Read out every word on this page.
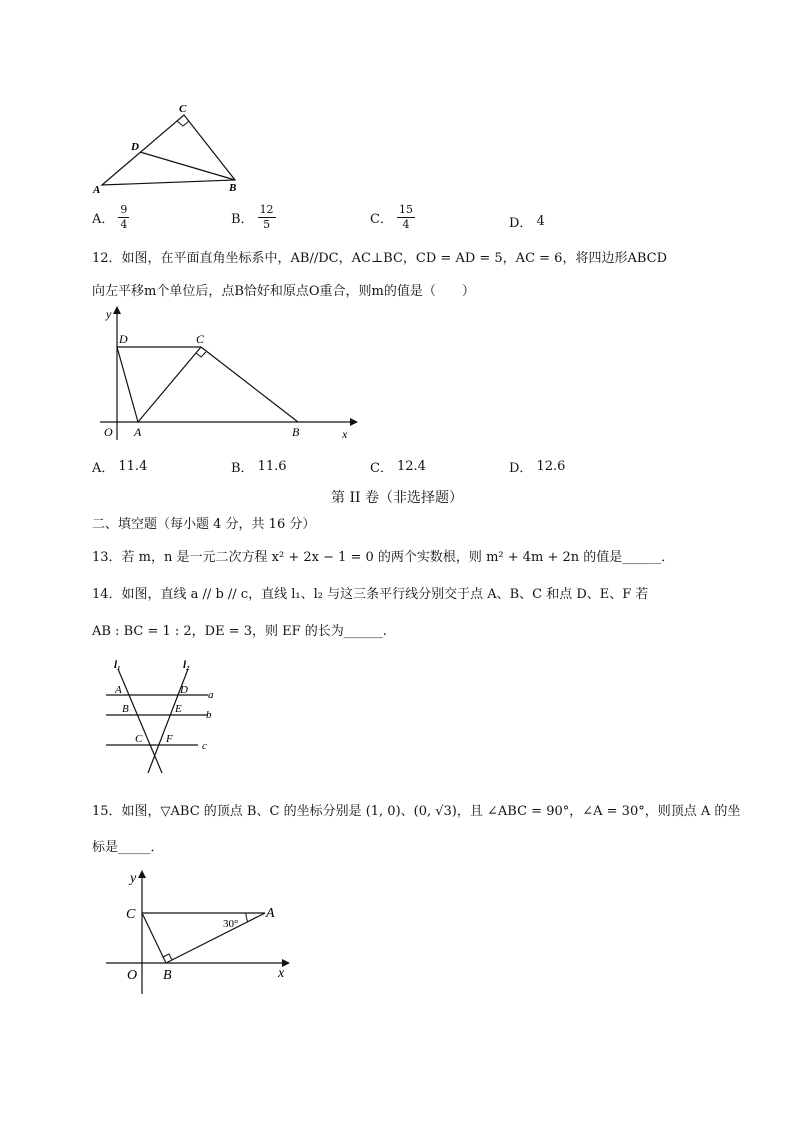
C
D
A	B
A． $\frac{9}{4}$	B． $\frac{12}{5}$	C． $\frac{15}{4}$	D． 4
12．如图，在平面直角坐标系中，AB//DC，AC⊥BC，CD = AD = 5，AC = 6，将四边形ABCD
向左平移m个单位后，点B恰好和原点O重合，则m的值是（　　）
y
D	C
O A	B	x
A． 11.4	B． 11.6	C． 12.4	D． 12.6
第 II 卷（非选择题）
二、填空题（每小题 4 分，共 16 分）
13．若 m，n 是一元二次方程 x² + 2x − 1 = 0 的两个实数根，则 m² + 4m + 2n 的值是______．
14．如图，直线 a // b // c，直线 l₁、l₂ 与这三条平行线分别交于点 A、B、C 和点 D、E、F 若
AB : BC = 1 : 2，DE = 3，则 EF 的长为______.
l₁	l₂
A	D a
B	E b
C F
c
15．如图，▽ABC 的顶点 B、C 的坐标分别是 (1, 0)、(0, √3)，且 ∠ABC = 90°，∠A = 30°，则顶点 A 的坐
标是_____．
y
C
30°
A
O B	x
